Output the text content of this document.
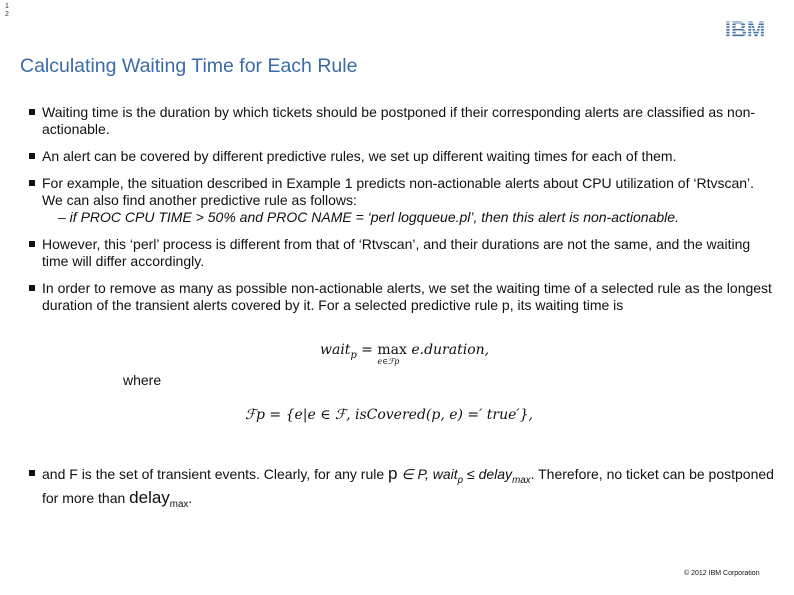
1
2
IBM
Calculating Waiting Time for Each Rule
Waiting time is the duration by which tickets should be postponed if their corresponding alerts are classified as non- actionable.
An alert can be covered by different predictive rules, we set up different waiting times for each of them.
For example, the situation described in Example 1 predicts non-actionable alerts about CPU utilization of ‘Rtvscan’. We can also find another predictive rule as follows:
– if PROC CPU TIME > 50% and PROC NAME = ‘perl logqueue.pl’, then this alert is non-actionable.
However, this ‘perl’ process is different from that of ‘Rtvscan’, and their durations are not the same, and the waiting time will differ accordingly.
In order to remove as many as possible non-actionable alerts, we set the waiting time of a selected rule as the longest duration of the transient alerts covered by it. For a selected predictive rule p, its waiting time is
and F is the set of transient events. Clearly, for any rule p ∈ P, wait$_p$ ≤ delay$_{max}$. Therefore, no ticket can be postponed for more than delay$_{max}$.
wait$_p$ = max
e∈ℱp
e.duration,
where
ℱp = {e|e ∈ ℱ, isCovered(p, e) =′ true′},
© 2012 IBM Corporation
